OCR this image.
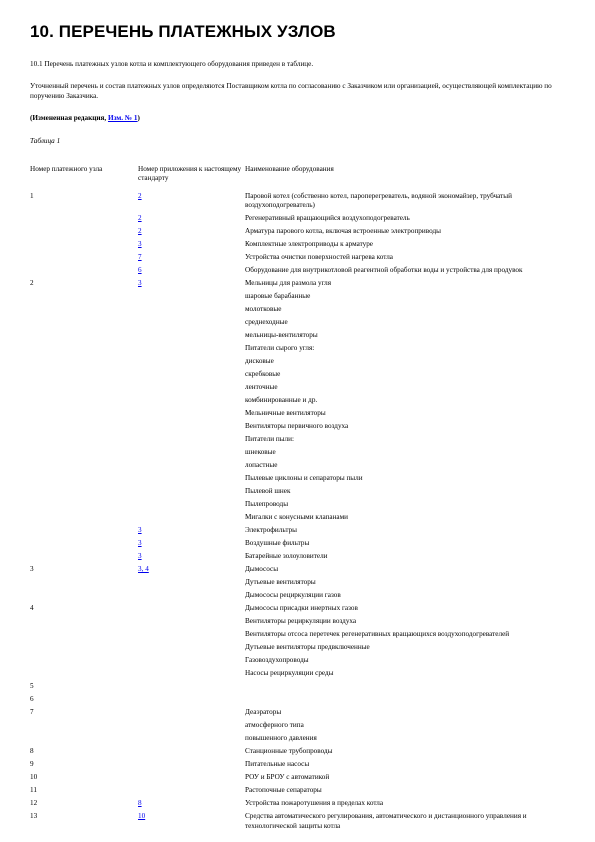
10. ПЕРЕЧЕНЬ ПЛАТЕЖНЫХ УЗЛОВ

10.1 Перечень платежных узлов котла и комплектующего оборудования приведен в таблице.

Уточненный перечень и состав платежных узлов определяются Поставщиком котла по согласованию с Заказчиком или организацией, осуществляющей комплектацию по поручению Заказчика.

(Измененная редакция, Изм. № 1)

Таблица 1

Номер платежного узла	Номер приложения к настоящему стандарту	Наименование оборудования
1	2	Паровой котел (собственно котел, пароперегреватель, водяной экономайзер, трубчатый воздухоподогреватель)
	2	Регенеративный вращающийся воздухоподогреватель
	2	Арматура парового котла, включая встроенные электроприводы
	3	Комплектные электроприводы к арматуре
	7	Устройства очистки поверхностей нагрева котла
	6	Оборудование для внутрикотловой реагентной обработки воды и устройства для продувок
2	3	Мельницы для размола угля
		шаровые барабанные
		молотковые
		среднеходные
		мельницы-вентиляторы
		Питатели сырого угля:
		дисковые
		скребковые
		ленточные
		комбинированные и др.
		Мельничные вентиляторы
		Вентиляторы первичного воздуха
		Питатели пыли:
		шнековые
		лопастные
		Пылевые циклоны и сепараторы пыли
		Пылевой шнек
		Пылепроводы
		Мигалки с конусными клапанами
	3	Электрофильтры
	3	Воздушные фильтры
	3	Батарейные золоуловители
3	3, 4	Дымососы
		Дутьевые вентиляторы
		Дымососы рециркуляции газов
4		Дымососы присадки инертных газов
		Вентиляторы рециркуляции воздуха
		Вентиляторы отсоса перетечек регенеративных вращающихся воздухоподогревателей
		Дутьевые вентиляторы предвключенные
		Газовоздухопроводы
		Насосы рециркуляции среды
5		
6		
7		Деаэраторы
		атмосферного типа
		повышенного давления
8		Станционные трубопроводы
9		Питательные насосы
10		РОУ и БРОУ с автоматикой
11		Растопочные сепараторы
12	8	Устройства пожаротушения в пределах котла
13	10	Средства автоматического регулирования, автоматического и дистанционного управления и технологической защиты котла
